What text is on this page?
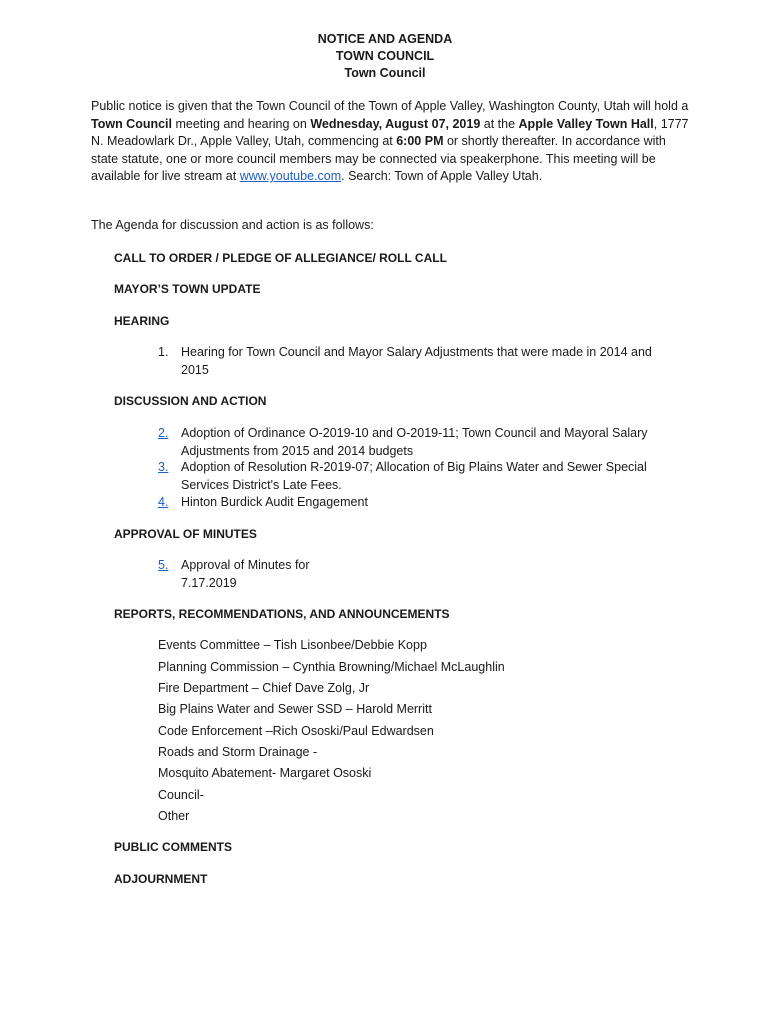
NOTICE AND AGENDA
TOWN COUNCIL
Town Council
Public notice is given that the Town Council of the Town of Apple Valley, Washington County, Utah will hold a Town Council meeting and hearing on Wednesday, August 07, 2019 at the Apple Valley Town Hall, 1777 N. Meadowlark Dr., Apple Valley, Utah, commencing at 6:00 PM or shortly thereafter. In accordance with state statute, one or more council members may be connected via speakerphone. This meeting will be available for live stream at www.youtube.com. Search: Town of Apple Valley Utah.
The Agenda for discussion and action is as follows:
CALL TO ORDER / PLEDGE OF ALLEGIANCE/ ROLL CALL
MAYOR’S TOWN UPDATE
HEARING
1.	Hearing for Town Council and Mayor Salary Adjustments that were made in 2014 and 2015
DISCUSSION AND ACTION
2.	Adoption of Ordinance O-2019-10 and O-2019-11; Town Council and Mayoral Salary Adjustments from 2015 and 2014 budgets
3.	Adoption of Resolution R-2019-07; Allocation of Big Plains Water and Sewer Special Services District's Late Fees.
4.	Hinton Burdick Audit Engagement
APPROVAL OF MINUTES
5.	Approval of Minutes for 7.17.2019
REPORTS, RECOMMENDATIONS, AND ANNOUNCEMENTS
Events Committee – Tish Lisonbee/Debbie Kopp
Planning Commission – Cynthia Browning/Michael McLaughlin
Fire Department – Chief Dave Zolg, Jr
Big Plains Water and Sewer SSD – Harold Merritt
Code Enforcement –Rich Ososki/Paul Edwardsen
Roads and Storm Drainage -
Mosquito Abatement- Margaret Ososki
Council-
Other
PUBLIC COMMENTS
ADJOURNMENT
